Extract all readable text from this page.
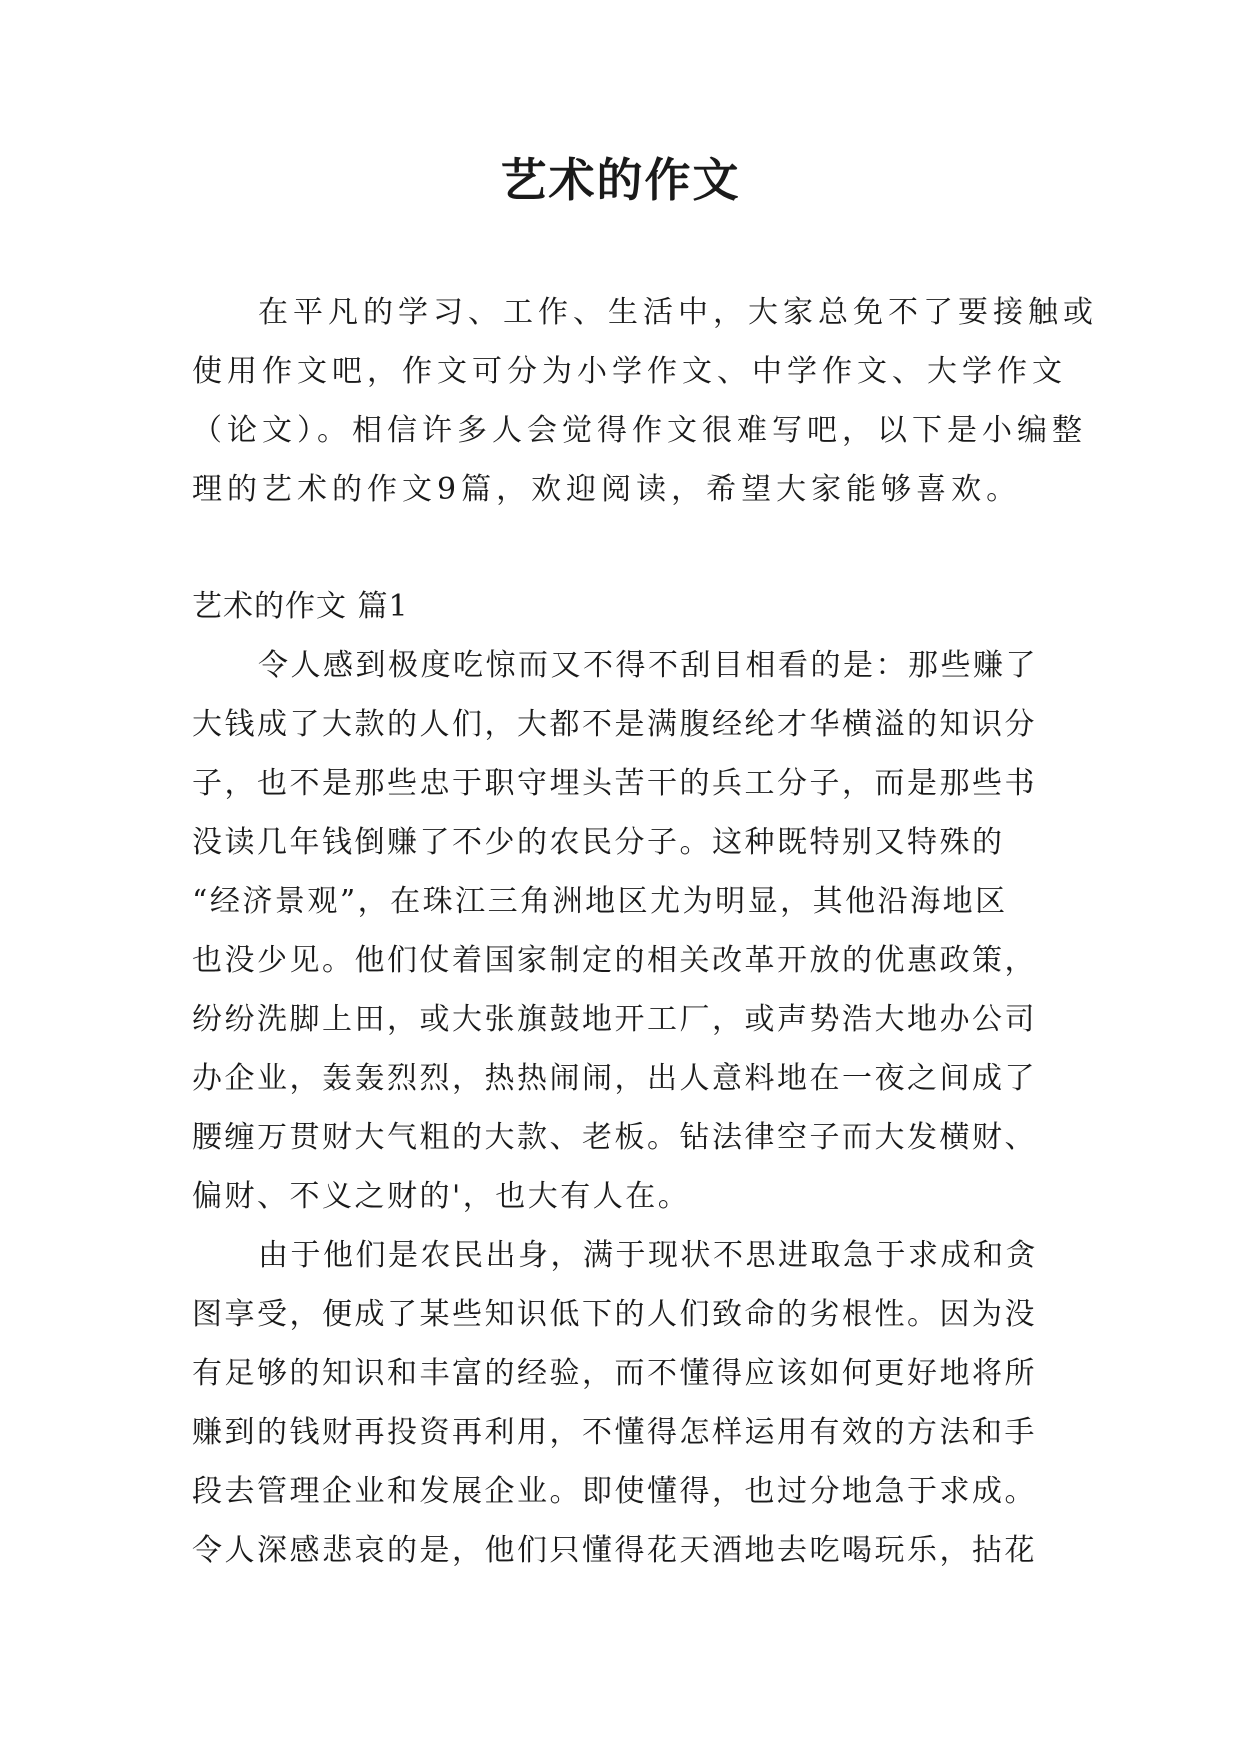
艺术的作文
在平凡的学习、工作、生活中，大家总免不了要接触或
使用作文吧，作文可分为小学作文、中学作文、大学作文
（论文）。相信许多人会觉得作文很难写吧，以下是小编整
理的艺术的作文9篇，欢迎阅读，希望大家能够喜欢。
艺术的作文 篇1
令人感到极度吃惊而又不得不刮目相看的是：那些赚了
大钱成了大款的人们，大都不是满腹经纶才华横溢的知识分
子，也不是那些忠于职守埋头苦干的兵工分子，而是那些书
没读几年钱倒赚了不少的农民分子。这种既特别又特殊的
“经济景观”，在珠江三角洲地区尤为明显，其他沿海地区
也没少见。他们仗着国家制定的相关改革开放的优惠政策，
纷纷洗脚上田，或大张旗鼓地开工厂，或声势浩大地办公司
办企业，轰轰烈烈，热热闹闹，出人意料地在一夜之间成了
腰缠万贯财大气粗的大款、老板。钻法律空子而大发横财、
偏财、不义之财的'，也大有人在。
由于他们是农民出身，满于现状不思进取急于求成和贪
图享受，便成了某些知识低下的人们致命的劣根性。因为没
有足够的知识和丰富的经验，而不懂得应该如何更好地将所
赚到的钱财再投资再利用，不懂得怎样运用有效的方法和手
段去管理企业和发展企业。即使懂得，也过分地急于求成。
令人深感悲哀的是，他们只懂得花天酒地去吃喝玩乐，拈花
